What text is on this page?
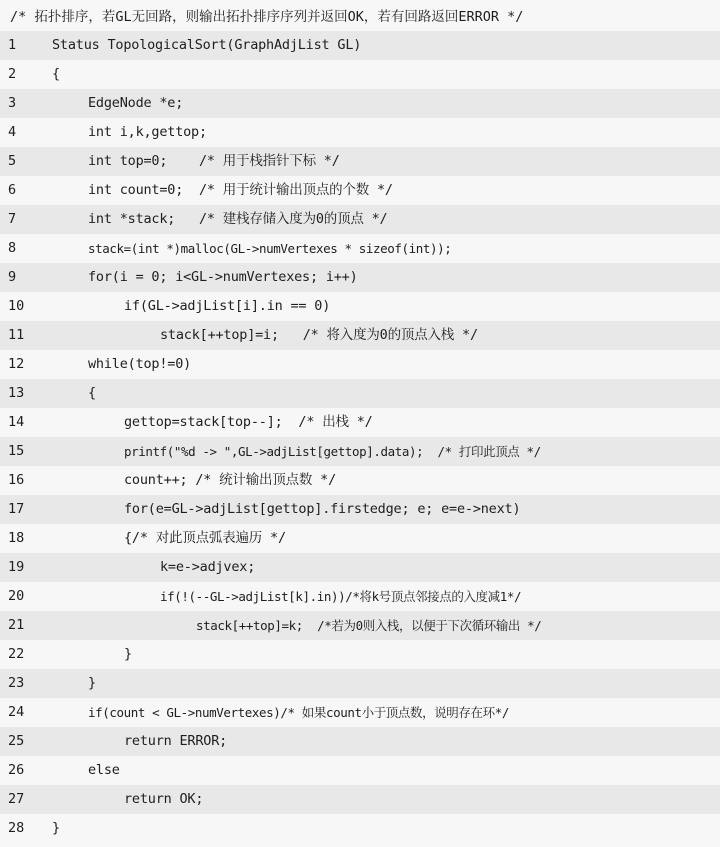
/* 拓扑排序，若GL无回路，则输出拓扑排序序列并返回OK，若有回路返回ERROR */
1	Status TopologicalSort(GraphAdjList GL)
2	{
3	EdgeNode *e;
4	int i,k,gettop;
5	int top=0;    /* 用于栈指针下标 */
6	int count=0;  /* 用于统计输出顶点的个数 */
7	int *stack;   /* 建栈存储入度为0的顶点 */
8	stack=(int *)malloc(GL->numVertexes * sizeof(int));
9	for(i = 0; i<GL->numVertexes; i++)
10	if(GL->adjList[i].in == 0)
11	stack[++top]=i;   /* 将入度为0的顶点入栈 */
12	while(top!=0)
13	{
14	gettop=stack[top--];  /* 出栈 */
15	printf("%d -> ",GL->adjList[gettop].data);  /* 打印此顶点 */
16	count++; /* 统计输出顶点数 */
17	for(e=GL->adjList[gettop].firstedge; e; e=e->next)
18	{/* 对此顶点弧表遍历 */
19	k=e->adjvex;
20	if(!(--GL->adjList[k].in))/*将k号顶点邻接点的入度减1*/
21	stack[++top]=k;  /*若为0则入栈，以便于下次循环输出 */
22	}
23	}
24	if(count < GL->numVertexes)/* 如果count小于顶点数，说明存在环*/
25	return ERROR;
26	else
27	return OK;
28	}
